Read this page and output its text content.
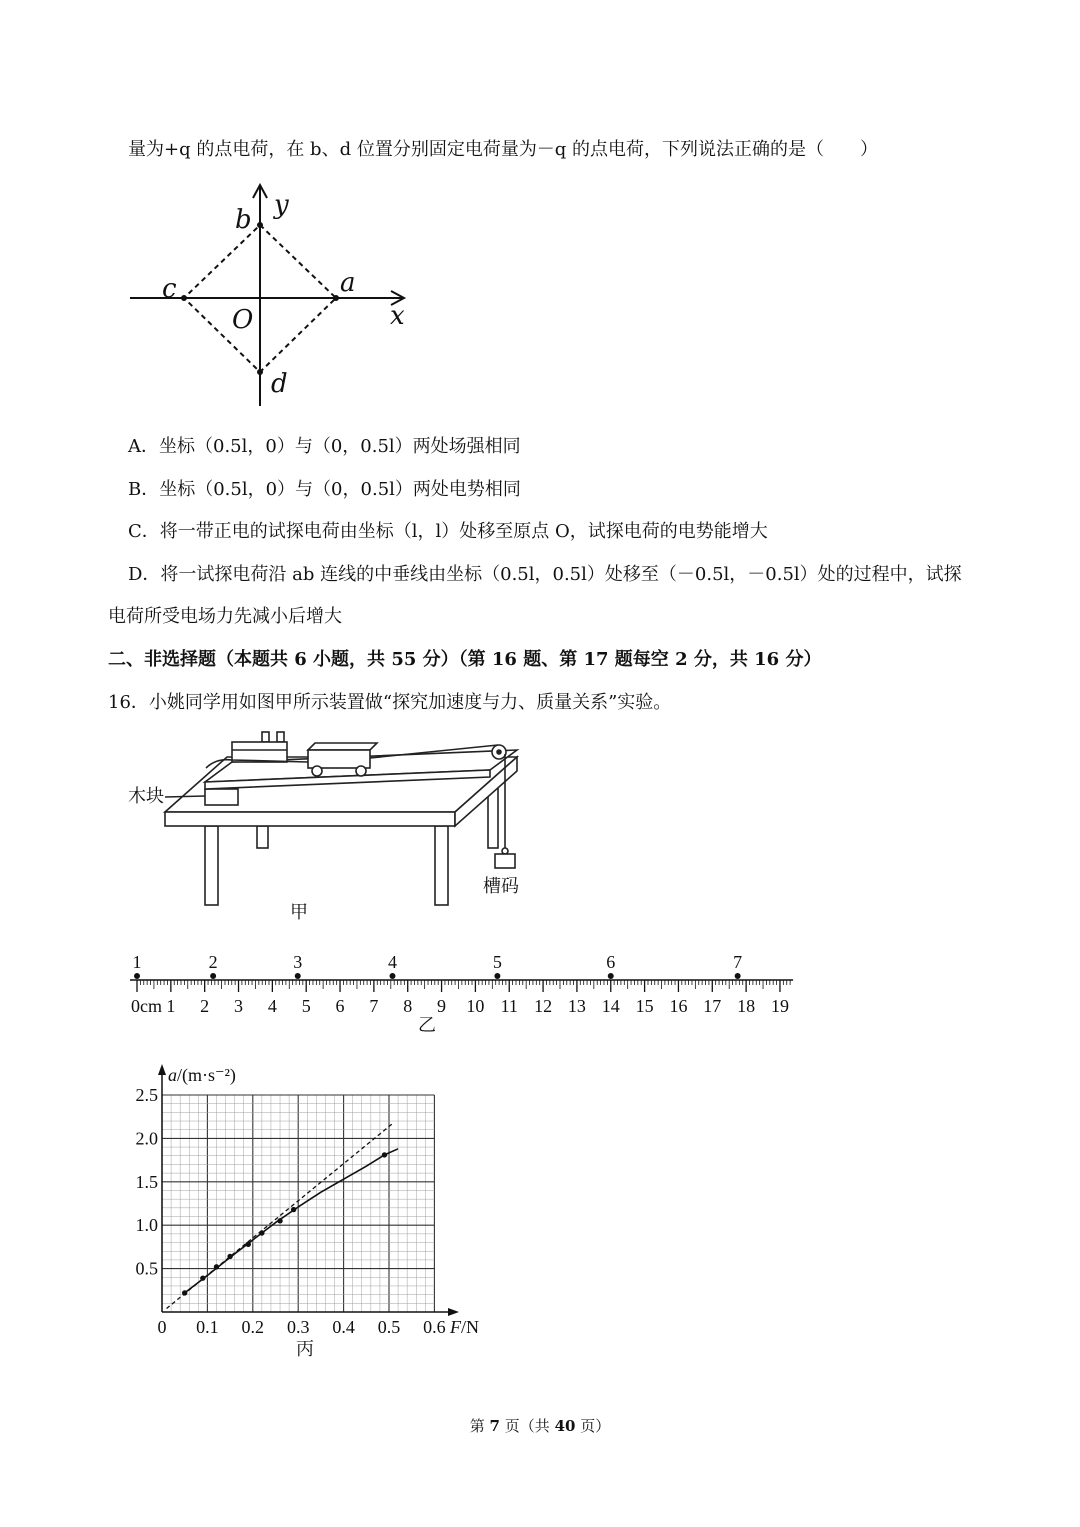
量为+q 的点电荷，在 b、d 位置分别固定电荷量为－q 的点电荷，下列说法正确的是（　　）
b y
c	a
O	x
d
A．坐标（0.5l，0）与（0，0.5l）两处场强相同
B．坐标（0.5l，0）与（0，0.5l）两处电势相同
C．将一带正电的试探电荷由坐标（l，l）处移至原点 O，试探电荷的电势能增大
D．将一试探电荷沿 ab 连线的中垂线由坐标（0.5l，0.5l）处移至（－0.5l，－0.5l）处的过程中，试探
电荷所受电场力先减小后增大
二、非选择题（本题共 6 小题，共 55 分）（第 16 题、第 17 题每空 2 分，共 16 分）
16．小姚同学用如图甲所示装置做“探究加速度与力、质量关系”实验。
木块
槽码
甲
0cm 1 2 3 4 5 6 7 8 9 10 11 12 13 14 15 16 17 18 19
1	2	3	4	5	6	7
乙
0 0.1 0.2 0.3 0.4 0.5 0.6
0.5
1.0
1.5
2.0
2.5
a/(m·s⁻²)
F/N
丙
第 7 页（共 40 页）
